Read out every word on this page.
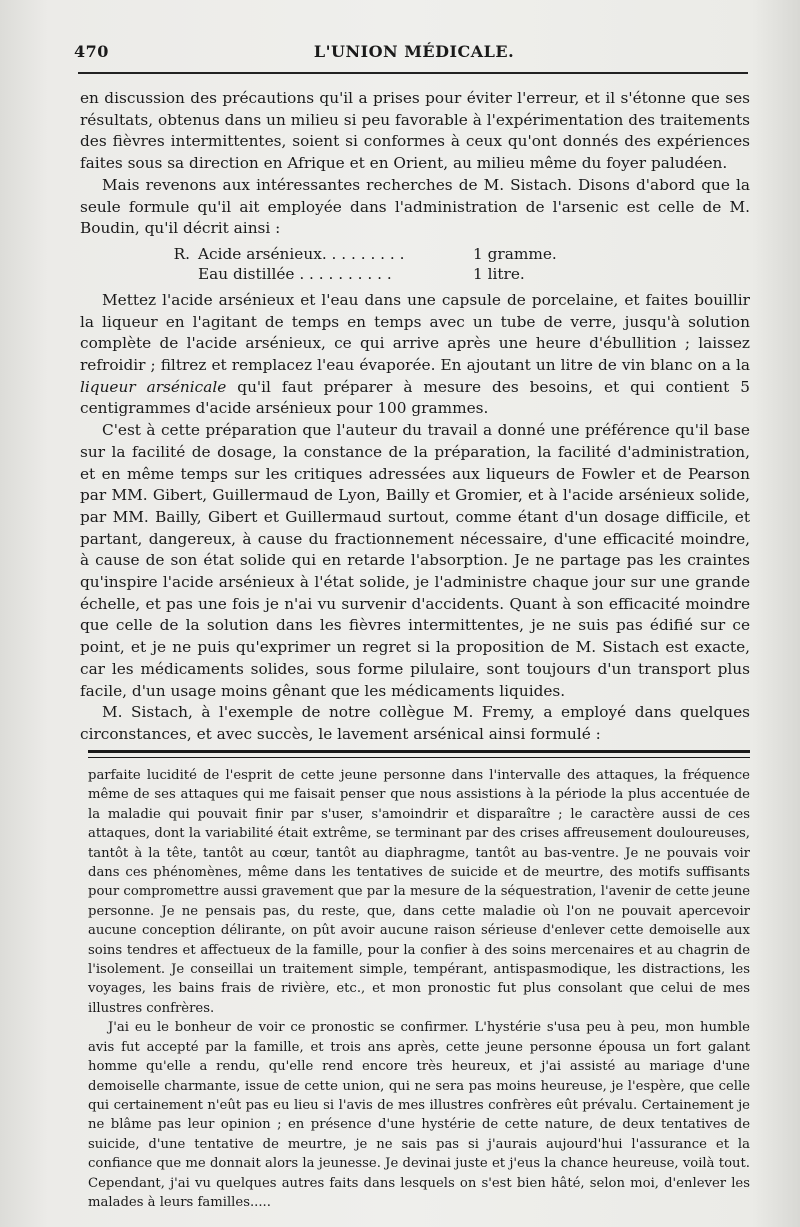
470	L'UNION MÉDICALE.

en discussion des précautions qu'il a prises pour éviter l'erreur, et il s'étonne que ses résultats, obtenus dans un milieu si peu favorable à l'expérimentation des traitements des fièvres intermittentes, soient si conformes à ceux qu'ont donnés des expériences faites sous sa direction en Afrique et en Orient, au milieu même du foyer paludéen.

Mais revenons aux intéressantes recherches de M. Sistach. Disons d'abord que la seule formule qu'il ait employée dans l'administration de l'arsenic est celle de M. Boudin, qu'il décrit ainsi :

R. Acide arsénieux. . . . . . . . .	1 gramme.
Eau distillée . . . . . . . . . .	1 litre.

Mettez l'acide arsénieux et l'eau dans une capsule de porcelaine, et faites bouillir la liqueur en l'agitant de temps en temps avec un tube de verre, jusqu'à solution complète de l'acide arsénieux, ce qui arrive après une heure d'ébullition ; laissez refroidir ; filtrez et remplacez l'eau évaporée. En ajoutant un litre de vin blanc on a la liqueur arsénicale qu'il faut préparer à mesure des besoins, et qui contient 5 centigrammes d'acide arsénieux pour 100 grammes.

C'est à cette préparation que l'auteur du travail a donné une préférence qu'il base sur la facilité de dosage, la constance de la préparation, la facilité d'administration, et en même temps sur les critiques adressées aux liqueurs de Fowler et de Pearson par MM. Gibert, Guillermaud de Lyon, Bailly et Gromier, et à l'acide arsénieux solide, par MM. Bailly, Gibert et Guillermaud surtout, comme étant d'un dosage difficile, et partant, dangereux, à cause du fractionnement nécessaire, d'une efficacité moindre, à cause de son état solide qui en retarde l'absorption. Je ne partage pas les craintes qu'inspire l'acide arsénieux à l'état solide, je l'administre chaque jour sur une grande échelle, et pas une fois je n'ai vu survenir d'accidents. Quant à son efficacité moindre que celle de la solution dans les fièvres intermittentes, je ne suis pas édifié sur ce point, et je ne puis qu'exprimer un regret si la proposition de M. Sistach est exacte, car les médicaments solides, sous forme pilulaire, sont toujours d'un transport plus facile, d'un usage moins gênant que les médicaments liquides.

M. Sistach, à l'exemple de notre collègue M. Fremy, a employé dans quelques circonstances, et avec succès, le lavement arsénical ainsi formulé :

parfaite lucidité de l'esprit de cette jeune personne dans l'intervalle des attaques, la fréquence même de ses attaques qui me faisait penser que nous assistions à la période la plus accentuée de la maladie qui pouvait finir par s'user, s'amoindrir et disparaître ; le caractère aussi de ces attaques, dont la variabilité était extrême, se terminant par des crises affreusement douloureuses, tantôt à la tête, tantôt au cœur, tantôt au diaphragme, tantôt au bas-ventre. Je ne pouvais voir dans ces phénomènes, même dans les tentatives de suicide et de meurtre, des motifs suffisants pour compromettre aussi gravement que par la mesure de la séquestration, l'avenir de cette jeune personne. Je ne pensais pas, du reste, que, dans cette maladie où l'on ne pouvait apercevoir aucune conception délirante, on pût avoir aucune raison sérieuse d'enlever cette demoiselle aux soins tendres et affectueux de la famille, pour la confier à des soins mercenaires et au chagrin de l'isolement. Je conseillai un traitement simple, tempérant, antispasmodique, les distractions, les voyages, les bains frais de rivière, etc., et mon pronostic fut plus consolant que celui de mes illustres confrères.

J'ai eu le bonheur de voir ce pronostic se confirmer. L'hystérie s'usa peu à peu, mon humble avis fut accepté par la famille, et trois ans après, cette jeune personne épousa un fort galant homme qu'elle a rendu, qu'elle rend encore très heureux, et j'ai assisté au mariage d'une demoiselle charmante, issue de cette union, qui ne sera pas moins heureuse, je l'espère, que celle qui certainement n'eût pas eu lieu si l'avis de mes illustres confrères eût prévalu. Certainement je ne blâme pas leur opinion ; en présence d'une hystérie de cette nature, de deux tentatives de suicide, d'une tentative de meurtre, je ne sais pas si j'aurais aujourd'hui l'assurance et la confiance que me donnait alors la jeunesse. Je devinai juste et j'eus la chance heureuse, voilà tout. Cependant, j'ai vu quelques autres faits dans lesquels on s'est bien hâté, selon moi, d'enlever les malades à leurs familles.....
